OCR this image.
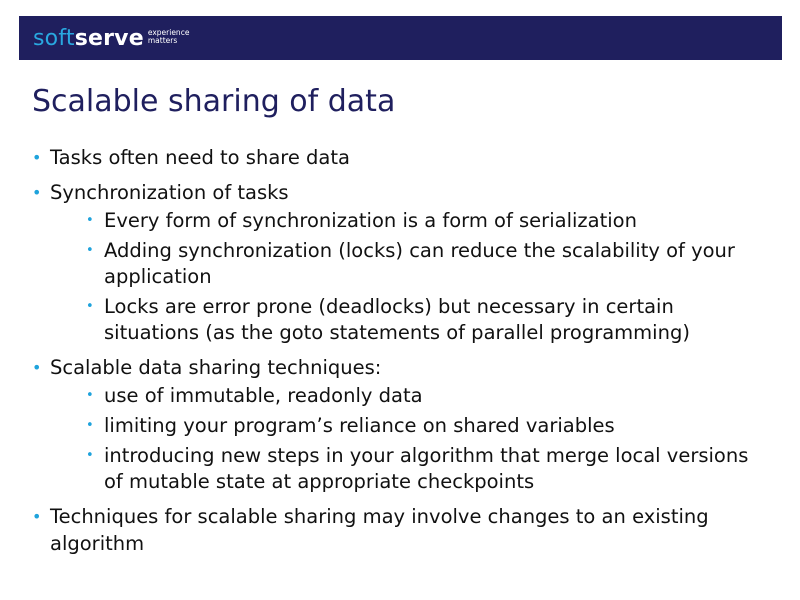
soft serve experience
matters
Scalable sharing of data
• Tasks often need to share data
• Synchronization of tasks
• Every form of synchronization is a form of serialization
• Adding synchronization (locks) can reduce the scalability of your application
• Locks are error prone (deadlocks) but necessary in certain situations (as the goto statements of parallel programming)
• Scalable data sharing techniques:
• use of immutable, readonly data
• limiting your program’s reliance on shared variables
• introducing new steps in your algorithm that merge local versions of mutable state at appropriate checkpoints
• Techniques for scalable sharing may involve changes to an existing algorithm
